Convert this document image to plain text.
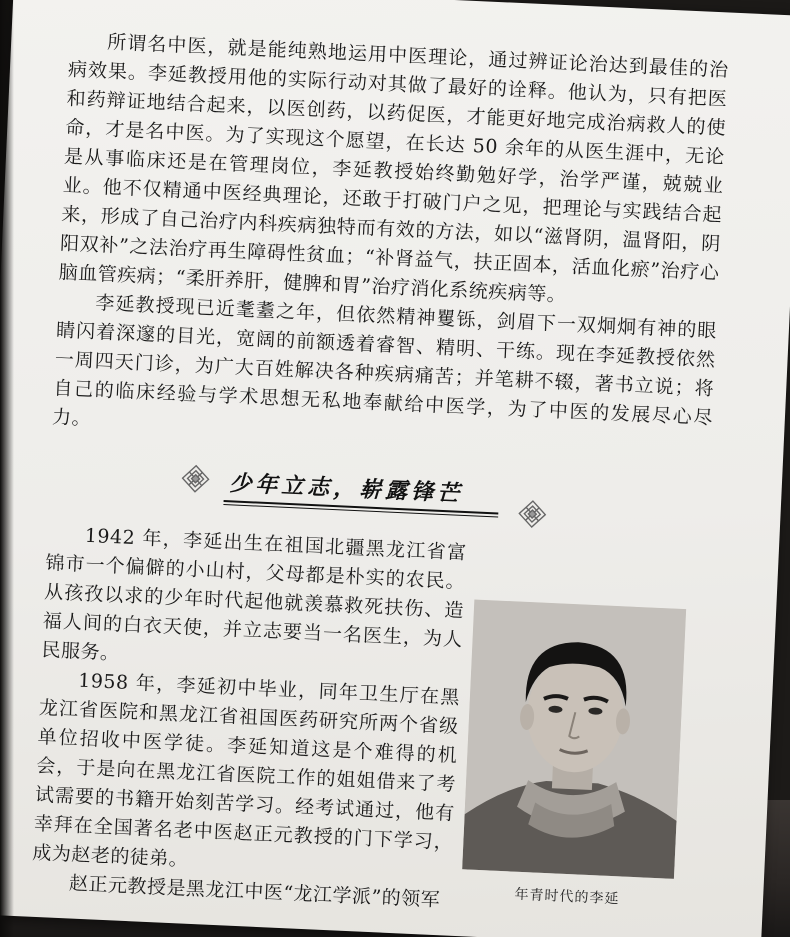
所谓名中医，就是能纯熟地运用中医理论，通过辨证论治达到最佳的治病效果。李延教授用他的实际行动对其做了最好的诠释。他认为，只有把医和药辩证地结合起来，以医创药，以药促医，才能更好地完成治病救人的使命，才是名中医。为了实现这个愿望，在长达 50 余年的从医生涯中，无论是从事临床还是在管理岗位，李延教授始终勤勉好学，治学严谨，兢兢业业。他不仅精通中医经典理论，还敢于打破门户之见，把理论与实践结合起来，形成了自己治疗内科疾病独特而有效的方法，如以“滋肾阴，温肾阳，阴阳双补”之法治疗再生障碍性贫血；“补肾益气，扶正固本，活血化瘀”治疗心脑血管疾病；“柔肝养肝，健脾和胃”治疗消化系统疾病等。

李延教授现已近耄耋之年，但依然精神矍铄，剑眉下一双炯炯有神的眼睛闪着深邃的目光，宽阔的前额透着睿智、精明、干练。现在李延教授依然一周四天门诊，为广大百姓解决各种疾病痛苦；并笔耕不辍，著书立说；将自己的临床经验与学术思想无私地奉献给中医学，为了中医的发展尽心尽力。

少年立志，崭露锋芒

1942 年，李延出生在祖国北疆黑龙江省富锦市一个偏僻的小山村，父母都是朴实的农民。从孩孜以求的少年时代起他就羡慕救死扶伤、造福人间的白衣天使，并立志要当一名医生，为人民服务。

1958 年，李延初中毕业，同年卫生厅在黑龙江省医院和黑龙江省祖国医药研究所两个省级单位招收中医学徒。李延知道这是个难得的机会，于是向在黑龙江省医院工作的姐姐借来了考试需要的书籍开始刻苦学习。经考试通过，他有幸拜在全国著名老中医赵正元教授的门下学习，成为赵老的徒弟。

赵正元教授是黑龙江中医“龙江学派”的领军	年青时代的李延
